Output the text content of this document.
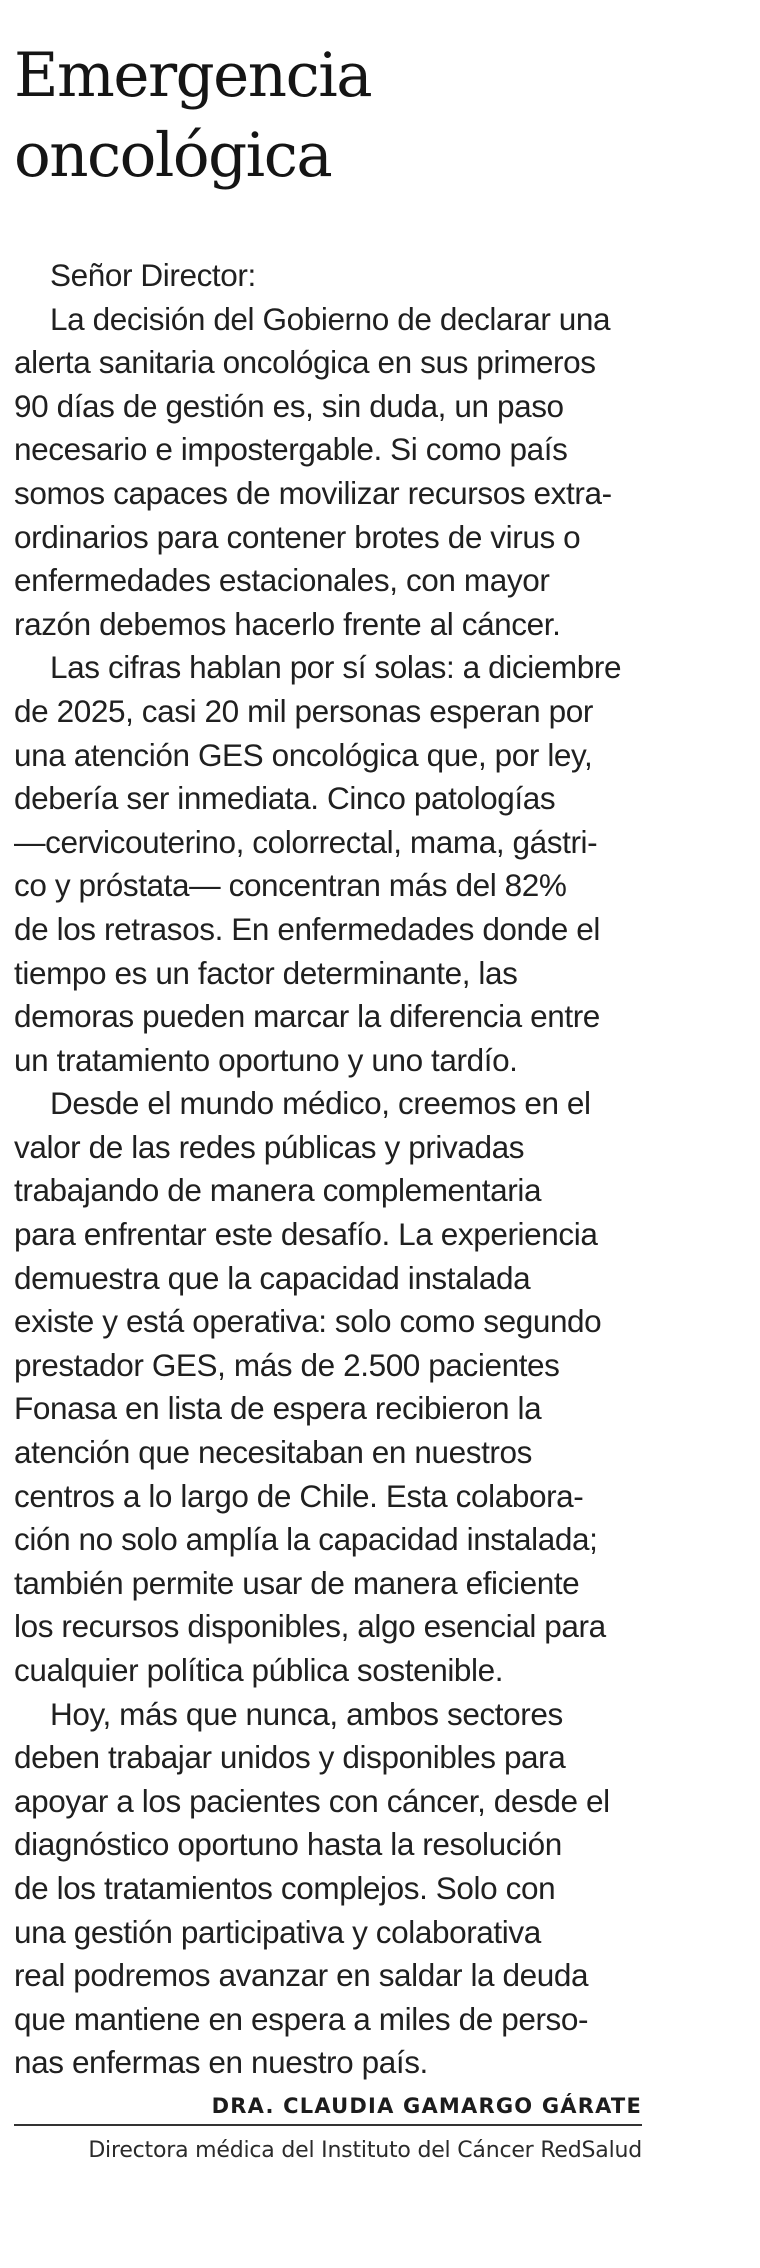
Emergencia
oncológica
Señor Director:
La decisión del Gobierno de declarar una
alerta sanitaria oncológica en sus primeros
90 días de gestión es, sin duda, un paso
necesario e impostergable. Si como país
somos capaces de movilizar recursos extra-
ordinarios para contener brotes de virus o
enfermedades estacionales, con mayor
razón debemos hacerlo frente al cáncer.
Las cifras hablan por sí solas: a diciembre
de 2025, casi 20 mil personas esperan por
una atención GES oncológica que, por ley,
debería ser inmediata. Cinco patologías
—cervicouterino, colorrectal, mama, gástri-
co y próstata— concentran más del 82%
de los retrasos. En enfermedades donde el
tiempo es un factor determinante, las
demoras pueden marcar la diferencia entre
un tratamiento oportuno y uno tardío.
Desde el mundo médico, creemos en el
valor de las redes públicas y privadas
trabajando de manera complementaria
para enfrentar este desafío. La experiencia
demuestra que la capacidad instalada
existe y está operativa: solo como segundo
prestador GES, más de 2.500 pacientes
Fonasa en lista de espera recibieron la
atención que necesitaban en nuestros
centros a lo largo de Chile. Esta colabora-
ción no solo amplía la capacidad instalada;
también permite usar de manera eficiente
los recursos disponibles, algo esencial para
cualquier política pública sostenible.
Hoy, más que nunca, ambos sectores
deben trabajar unidos y disponibles para
apoyar a los pacientes con cáncer, desde el
diagnóstico oportuno hasta la resolución
de los tratamientos complejos. Solo con
una gestión participativa y colaborativa
real podremos avanzar en saldar la deuda
que mantiene en espera a miles de perso-
nas enfermas en nuestro país.
DRA. CLAUDIA GAMARGO GÁRATE
Directora médica del Instituto del Cáncer RedSalud
